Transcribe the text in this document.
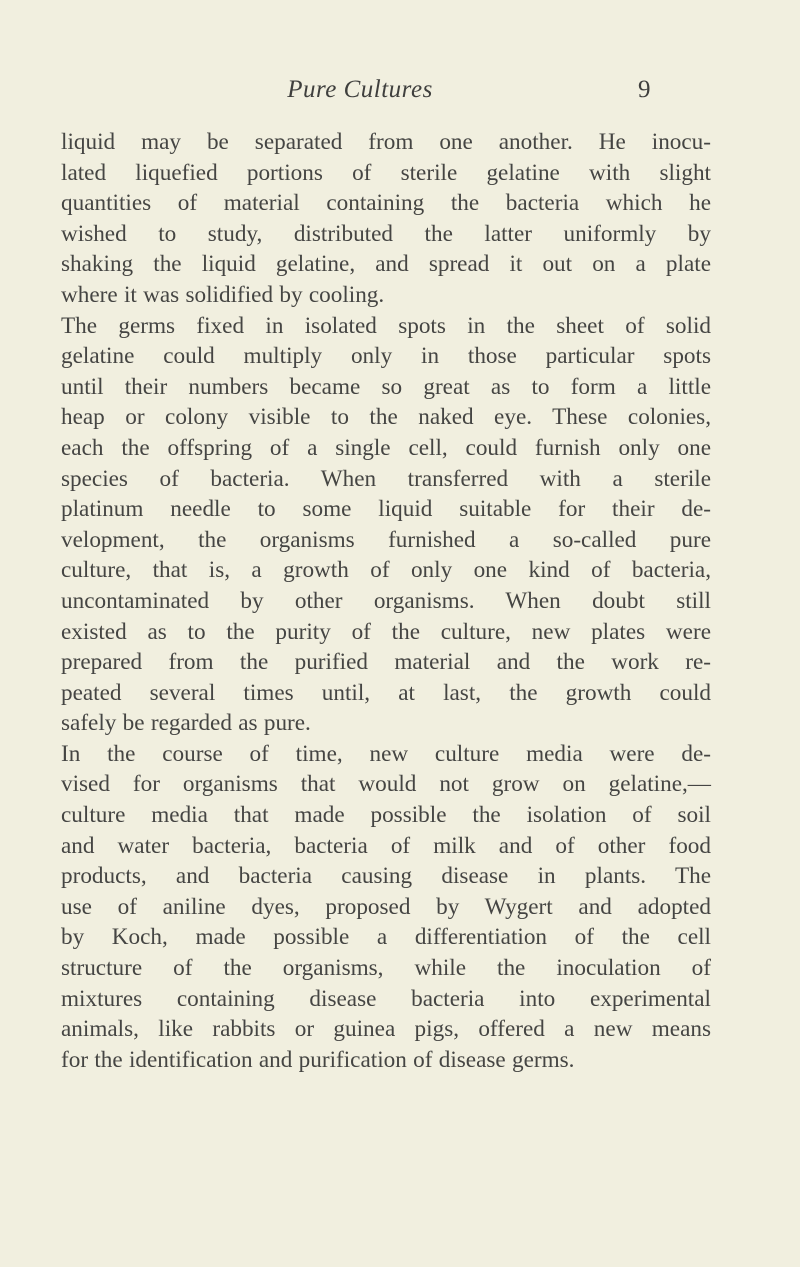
Pure Cultures	9
liquid may be separated from one another. He inocu-
lated liquefied portions of sterile gelatine with slight
quantities of material containing the bacteria which he
wished to study, distributed the latter uniformly by
shaking the liquid gelatine, and spread it out on a plate
where it was solidified by cooling.
The germs fixed in isolated spots in the sheet of solid
gelatine could multiply only in those particular spots
until their numbers became so great as to form a little
heap or colony visible to the naked eye. These colonies,
each the offspring of a single cell, could furnish only one
species of bacteria. When transferred with a sterile
platinum needle to some liquid suitable for their de-
velopment, the organisms furnished a so-called pure
culture, that is, a growth of only one kind of bacteria,
uncontaminated by other organisms. When doubt still
existed as to the purity of the culture, new plates were
prepared from the purified material and the work re-
peated several times until, at last, the growth could
safely be regarded as pure.
In the course of time, new culture media were de-
vised for organisms that would not grow on gelatine,—
culture media that made possible the isolation of soil
and water bacteria, bacteria of milk and of other food
products, and bacteria causing disease in plants. The
use of aniline dyes, proposed by Wygert and adopted
by Koch, made possible a differentiation of the cell
structure of the organisms, while the inoculation of
mixtures containing disease bacteria into experimental
animals, like rabbits or guinea pigs, offered a new means
for the identification and purification of disease germs.
